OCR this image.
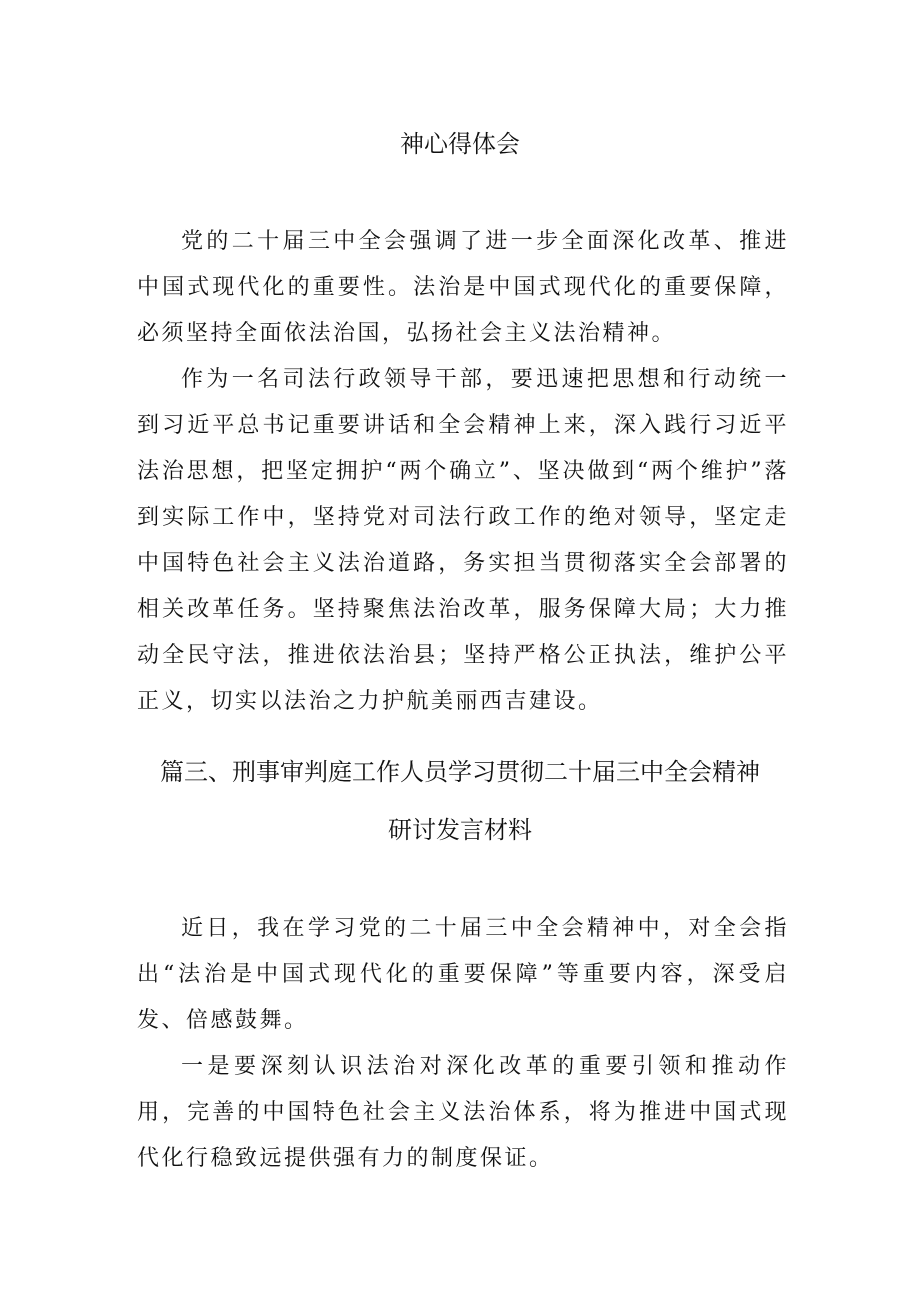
神心得体会

党的二十届三中全会强调了进一步全面深化改革、推进中国式现代化的重要性。法治是中国式现代化的重要保障，必须坚持全面依法治国，弘扬社会主义法治精神。

作为一名司法行政领导干部，要迅速把思想和行动统一到习近平总书记重要讲话和全会精神上来，深入践行习近平法治思想，把坚定拥护“两个确立”、坚决做到“两个维护”落到实际工作中，坚持党对司法行政工作的绝对领导，坚定走中国特色社会主义法治道路，务实担当贯彻落实全会部署的相关改革任务。坚持聚焦法治改革，服务保障大局；大力推动全民守法，推进依法治县；坚持严格公正执法，维护公平正义，切实以法治之力护航美丽西吉建设。

篇三、刑事审判庭工作人员学习贯彻二十届三中全会精神
研讨发言材料

近日，我在学习党的二十届三中全会精神中，对全会指出“法治是中国式现代化的重要保障”等重要内容，深受启发、倍感鼓舞。

一是要深刻认识法治对深化改革的重要引领和推动作用，完善的中国特色社会主义法治体系，将为推进中国式现代化行稳致远提供强有力的制度保证。
